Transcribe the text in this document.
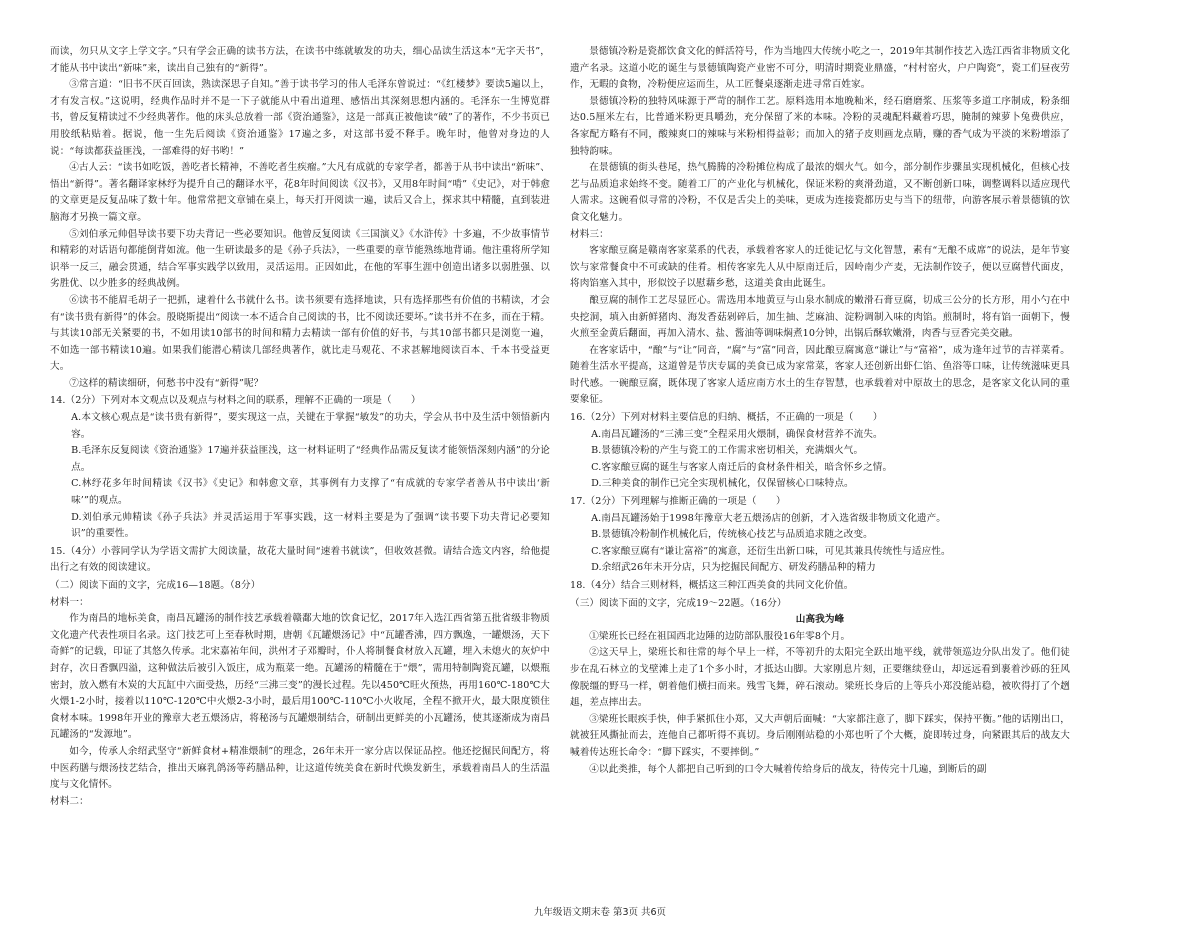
而读，勿只从文字上学文字。”只有学会正确的读书方法，在读书中练就敏发的功夫，细心品读生活这本“无字天书”，才能从书中读出“新味”来，读出自己独有的“新得”。

③常言道：“旧书不厌百回读，熟读深思子自知。”善于读书学习的伟人毛泽东曾说过：“《红楼梦》要读5遍以上，才有发言权。”这说明，经典作品时并不是一下子就能从中看出道理、感悟出其深刻思想内涵的。毛泽东一生博览群书，曾反复精读过不少经典著作。他的床头总放着一部《资治通鉴》，这是一部真正被他读“破”了的著作，不少书页已用胶纸粘贴着。据说，他一生先后阅读《资治通鉴》17遍之多，对这部书爱不释手。晚年时，他曾对身边的人说：“每读都获益匪浅，一部难得的好书哟！”

④古人云：“读书如吃饭，善吃者长精神，不善吃者生疾瘤。”大凡有成就的专家学者，都善于从书中读出“新味”、悟出“新得”。著名翻译家林纾为提升自己的翻译水平，花8年时间阅读《汉书》，又用8年时间“啃”《史记》，对于韩愈的文章更是反复品味了数十年。他常常把文章铺在桌上，每天打开阅读一遍，读后又合上，探求其中精髓，直到装进脑海才另换一篇文章。

⑤刘伯承元帅倡导读书要下功夫背记一些必要知识。他曾反复阅读《三国演义》《水浒传》十多遍，不少故事情节和精彩的对话语句都能倒背如流。他一生研读最多的是《孙子兵法》，一些重要的章节能熟练地背诵。他注重将所学知识举一反三，融会贯通，结合军事实践学以致用，灵活运用。正因如此，在他的军事生涯中创造出诸多以弱胜强、以劣胜优、以少胜多的经典战例。

⑥读书不能眉毛胡子一把抓，逮着什么书就什么书。读书须要有选择地读，只有选择那些有价值的书精读，才会有“读书贵有新得”的体会。殷晓斯提出“阅读一本不适合自己阅读的书，比不阅读还要坏。”读书并不在多，而在于精。与其读10部无关紧要的书，不如用读10部书的时间和精力去精读一部有价值的好书，与其10部书都只是浏览一遍，不如选一部书精读10遍。如果我们能潜心精读几部经典著作，就比走马观花、不求甚解地阅读百本、千本书受益更大。

⑦这样的精读细研，何愁书中没有“新得”呢？

14.（2分）下列对本文观点以及观点与材料之间的联系，理解不正确的一项是（　　）

A.本文核心观点是“读书贵有新得”，要实现这一点，关键在于掌握“敏发”的功夫，学会从书中及生活中领悟新内容。

B.毛泽东反复阅读《资治通鉴》17遍并获益匪浅，这一材料证明了“经典作品需反复读才能领悟深刻内涵”的分论点。

C.林纾花多年时间精读《汉书》《史记》和韩愈文章，其事例有力支撑了“有成就的专家学者善从书中读出‘新味’”的观点。

D.刘伯承元帅精读《孙子兵法》并灵活运用于军事实践，这一材料主要是为了强调“读书要下功夫背记必要知识”的重要性。

15.（4分）小蓉同学认为学语文需扩大阅读量，故花大量时间“速着书就读”，但收效甚微。请结合选文内容，给他提出行之有效的阅读建议。

（二）阅读下面的文字，完成16—18题。（8分）

材料一：

作为南昌的地标美食，南昌瓦罐汤的制作技艺承载着赣鄱大地的饮食记忆，2017年入选江西省第五批省级非物质文化遗产代表性项目名录。这门技艺可上至春秋时期，唐朝《瓦罐煨汤记》中“瓦罐香沸，四方飘逸，一罐煨汤，天下奇鲜”的记载，印证了其悠久传承。北宋嘉祐年间，洪州才子邓瓣时，仆人将制餐食材放入瓦罐，埋入未熄火的灰炉中封存，次日香飘四溢，这种做法后被引入饭庄，成为瓶菜一绝。瓦罐汤的精髓在于“煨”，需用特制陶瓷瓦罐，以煨瓶密封，放入燃有木炭的大瓦缸中六面受热，历经“三沸三变”的漫长过程。先以450℃旺火预热，再用160℃-180℃大火煨1-2小时，接着以110℃-120℃中火煨2-3小时，最后用100℃-110℃小火收尾，全程不掀开火，最大限度锁住食材本味。1998年开业的豫章大老五煨汤店，将秘汤与瓦罐煨制结合，研制出更鲜美的小瓦罐汤，使其逐渐成为南昌瓦罐汤的“发源地”。

如今，传承人余绍武坚守“新鲜食材+精准煨制”的理念，26年未开一家分店以保证品控。他还挖掘民间配方，将中医药膳与煨汤技艺结合，推出天麻乳鸽汤等药膳品种，让这道传统美食在新时代焕发新生，承载着南昌人的生活温度与文化情怀。

材料二：

景德镇冷粉是瓷都饮食文化的鲜活符号，作为当地四大传统小吃之一，2019年其制作技艺入选江西省非物质文化遗产名录。这道小吃的诞生与景德镇陶瓷产业密不可分，明清时期瓷业鼎盛，“村村窑火，户户陶瓷”，瓷工们昼夜劳作，无暇的食物，冷粉便应运而生，从工匠餐桌逐渐走进寻常百姓家。

景德镇冷粉的独特风味源于严苛的制作工艺。原料选用本地晚籼米，经石磨磨浆、压浆等多道工序制成，粉条细达0.5厘米左右，比普通米粉更具嚼劲，充分保留了米的本味。冷粉的灵魂配料藏着巧思，腌制的辣萝卜兔费供应，各家配方略有不同，酸辣爽口的辣味与米粉相得益彰；而加入的猪子皮则画龙点睛，赚的香气成为平淡的米粉增添了独特韵味。

在景德镇的街头巷尾，热气腾腾的冷粉摊位构成了最浓的烟火气。如今，部分制作步骤虽实现机械化，但核心技艺与品质追求始终不变。随着工厂的产业化与机械化，保证米粉的爽滑劲道，又不断创新口味，调整调料以适应现代人需求。这碗看似寻常的冷粉，不仅是舌尖上的美味，更成为连接瓷都历史与当下的纽带，向游客展示着景德镇的饮食文化魅力。

材料三：

客家酿豆腐是赣南客家菜系的代表，承载着客家人的迁徙记忆与文化智慧，素有“无酿不成席”的说法，是年节宴饮与家常餐食中不可或缺的佳肴。相传客家先人从中原南迁后，因岭南少产麦，无法制作饺子，便以豆腐替代面皮，将肉馅塞入其中，形似饺子以慰藉乡愁，这道美食由此诞生。

酿豆腐的制作工艺尽显匠心。需选用本地黄豆与山泉水制成的嫩滑石膏豆腐，切成三公分的长方形，用小勺在中央挖洞，填入由新鲜猪肉、海发香菇剁碎后，加生抽、芝麻油、淀粉调制入味的肉馅。煎制时，将有馅一面朝下，慢火煎至金黄后翻面，再加入清水、盐、酱油等调味焖煮10分钟，出锅后酥软嫩滑，肉香与豆香完美交融。

在客家话中，“酿”与“让”同音，“腐”与“富”同音，因此酿豆腐寓意“谦让”与“富裕”，成为逢年过节的吉祥菜肴。随着生活水平提高，这道曾是节庆专属的美食已成为家常菜，客家人还创新出虾仁馅、鱼浴等口味，让传统滋味更具时代感。一碗酿豆腐，既体现了客家人适应南方水土的生存智慧，也承载着对中原故土的思念，是客家文化认同的重要象征。

16.（2分）下列对材料主要信息的归纳、概括，不正确的一项是（　　）

A.南昌瓦罐汤的“三沸三变”全程采用火煨制，确保食材营养不流失。

B.景德镇冷粉的产生与瓷工的工作需求密切相关，充满烟火气。

C.客家酿豆腐的诞生与客家人南迁后的食材条件相关，暗含怀乡之情。

D.三种美食的制作已完全实现机械化，仅保留核心口味特点。

17.（2分）下列理解与推断正确的一项是（　　）

A.南昌瓦罐汤始于1998年豫章大老五煨汤店的创新，才入选省级非物质文化遗产。

B.景德镇冷粉制作机械化后，传统核心技艺与品质追求随之改变。

C.客家酿豆腐有“谦让富裕”的寓意，还衍生出新口味，可见其兼具传统性与适应性。

D.余绍武26年未开分店，只为挖掘民间配方、研发药膳品种的精力

18.（4分）结合三则材料，概括这三种江西美食的共同文化价值。

（三）阅读下面的文字，完成19～22题。（16分）

山高我为峰

①梁班长已经在祖国西北边陲的边防部队服役16年零8个月。

②这天早上，梁班长和往常的每个早上一样，不等初升的太阳完全跃出地平线，就带领巡边分队出发了。他们徒步在乱石林立的戈壁滩上走了1个多小时，才抵达山脚。大家刚息片刻，正要继续登山，却远远看到裹着沙砾的狂风像脱缰的野马一样，朝着他们横扫而来。残雪飞舞，碎石滚动。梁班长身后的上等兵小郑没能站稳，被吹得打了个趔趄，差点摔出去。

③梁班长眼疾手快，伸手紧抓住小郑，又大声朝后面喊：“大家都注意了，脚下踩实，保持平衡。”他的话刚出口，就被狂风撕扯而去，连他自己都听得不真切。身后刚刚站稳的小郑也听了个大概，旋即转过身，向紧跟其后的战友大喊着传达班长命令：“脚下踩实，不要摔倒。”

④以此类推，每个人都把自己听到的口令大喊着传给身后的战友，待传完十几遍，到断后的副

九年级语文期末卷 第3页 共6页
